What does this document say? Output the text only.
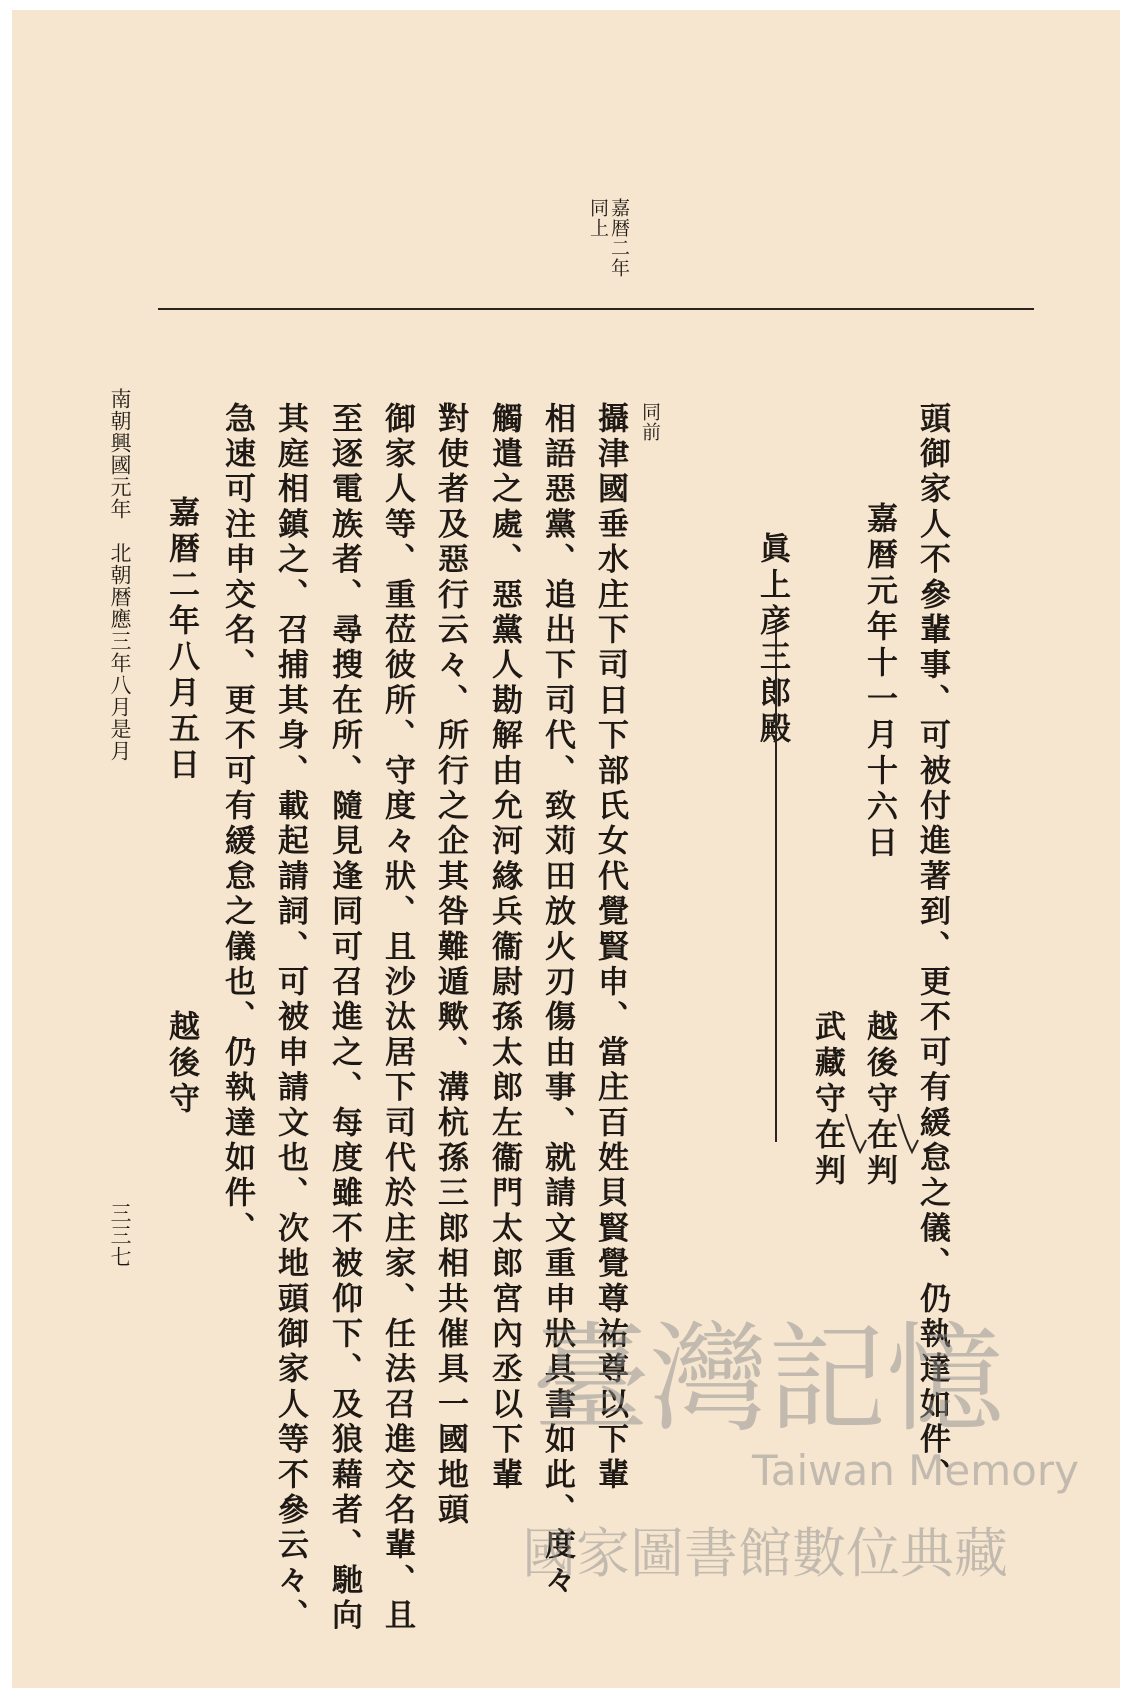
嘉暦二年
同上
頭御家人不參輩事、可被付進著到、更不可有緩怠之儀、仍執達如件、
嘉暦元年十一月十六日
越後守在判
武藏守在判
眞上彦三郎殿
同前
攝津國垂水庄下司日下部氏女代覺賢申、當庄百姓貝賢覺尊祐尊以下輩
相語惡黨、追出下司代、致苅田放火刃傷由事、就請文重申狀具書如此、度々
觸遣之處、惡黨人勘解由允河緣兵衞尉孫太郎左衞門太郎宮內丞以下輩
對使者及惡行云々、所行之企其咎難遁歟、溝杭孫三郎相共催具一國地頭
御家人等、重莅彼所、守度々狀、且沙汰居下司代於庄家、任法召進交名輩、且
至逐電族者、尋搜在所、隨見逢同可召進之、每度雖不被仰下、及狼藉者、馳向
其庭相鎮之、召捕其身、載起請詞、可被申請文也、次地頭御家人等不參云々、
急速可注申交名、更不可有緩怠之儀也、仍執達如件、
嘉暦二年八月五日
越後守
南朝興國元年　北朝暦應三年八月是月
三三七
臺灣記憶
Taiwan Memory
國家圖書館數位典藏
